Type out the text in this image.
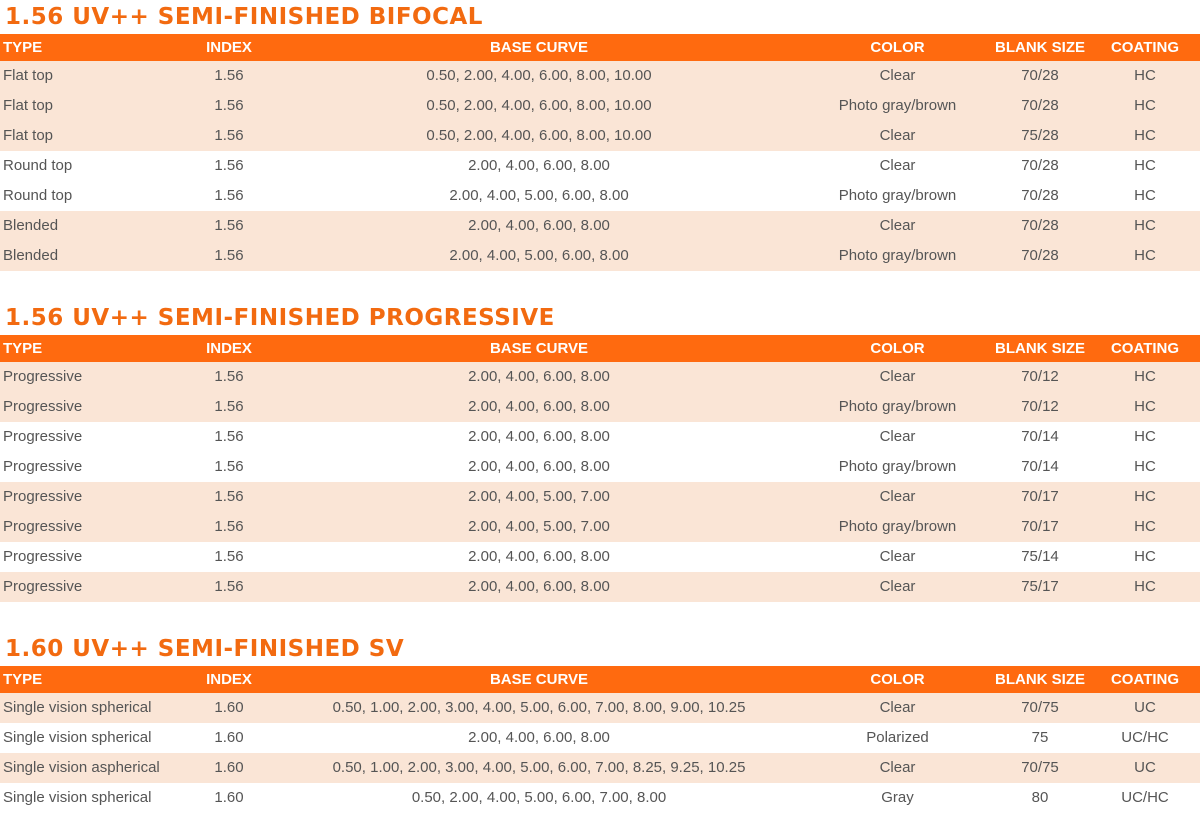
1.56 UV++ SEMI-FINISHED BIFOCAL
TYPE	INDEX	BASE CURVE	COLOR	BLANK SIZE	COATING
Flat top	1.56	0.50, 2.00, 4.00, 6.00, 8.00, 10.00	Clear	70/28	HC
Flat top	1.56	0.50, 2.00, 4.00, 6.00, 8.00, 10.00	Photo gray/brown	70/28	HC
Flat top	1.56	0.50, 2.00, 4.00, 6.00, 8.00, 10.00	Clear	75/28	HC
Round top	1.56	2.00, 4.00, 6.00, 8.00	Clear	70/28	HC
Round top	1.56	2.00, 4.00, 5.00, 6.00, 8.00	Photo gray/brown	70/28	HC
Blended	1.56	2.00, 4.00, 6.00, 8.00	Clear	70/28	HC
Blended	1.56	2.00, 4.00, 5.00, 6.00, 8.00	Photo gray/brown	70/28	HC
1.56 UV++ SEMI-FINISHED PROGRESSIVE
TYPE	INDEX	BASE CURVE	COLOR	BLANK SIZE	COATING
Progressive	1.56	2.00, 4.00, 6.00, 8.00	Clear	70/12	HC
Progressive	1.56	2.00, 4.00, 6.00, 8.00	Photo gray/brown	70/12	HC
Progressive	1.56	2.00, 4.00, 6.00, 8.00	Clear	70/14	HC
Progressive	1.56	2.00, 4.00, 6.00, 8.00	Photo gray/brown	70/14	HC
Progressive	1.56	2.00, 4.00, 5.00, 7.00	Clear	70/17	HC
Progressive	1.56	2.00, 4.00, 5.00, 7.00	Photo gray/brown	70/17	HC
Progressive	1.56	2.00, 4.00, 6.00, 8.00	Clear	75/14	HC
Progressive	1.56	2.00, 4.00, 6.00, 8.00	Clear	75/17	HC
1.60 UV++ SEMI-FINISHED SV
TYPE	INDEX	BASE CURVE	COLOR	BLANK SIZE	COATING
Single vision spherical	1.60	0.50, 1.00, 2.00, 3.00, 4.00, 5.00, 6.00, 7.00, 8.00, 9.00, 10.25	Clear	70/75	UC
Single vision spherical	1.60	2.00, 4.00, 6.00, 8.00	Polarized	75	UC/HC
Single vision aspherical	1.60	0.50, 1.00, 2.00, 3.00, 4.00, 5.00, 6.00, 7.00, 8.25, 9.25, 10.25	Clear	70/75	UC
Single vision spherical	1.60	0.50, 2.00, 4.00, 5.00, 6.00, 7.00, 8.00	Gray	80	UC/HC
